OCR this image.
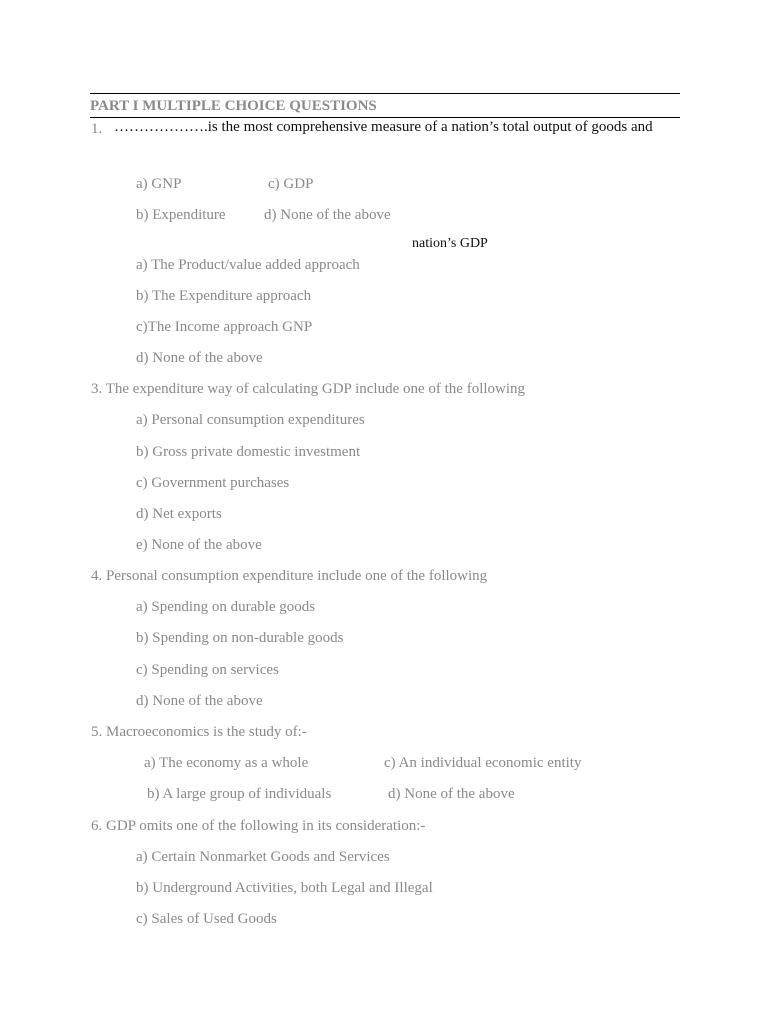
PART I MULTIPLE CHOICE QUESTIONS
1. ……………….is the most comprehensive measure of a nation’s total output of goods and
a) GNP	c) GDP
b) Expenditure	d) None of the above
nation’s GDP
a) The Product/value added approach
b) The Expenditure approach
c)The Income approach GNP
d) None of the above
3. The expenditure way of calculating GDP include one of the following
a) Personal consumption expenditures
b) Gross private domestic investment
c) Government purchases
d) Net exports
e) None of the above
4. Personal consumption expenditure include one of the following
a) Spending on durable goods
b) Spending on non-durable goods
c) Spending on services
d) None of the above
5. Macroeconomics is the study of:-
a) The economy as a whole	c) An individual economic entity
b) A large group of individuals	d) None of the above
6. GDP omits one of the following in its consideration:-
a) Certain Nonmarket Goods and Services
b) Underground Activities, both Legal and Illegal
c) Sales of Used Goods
